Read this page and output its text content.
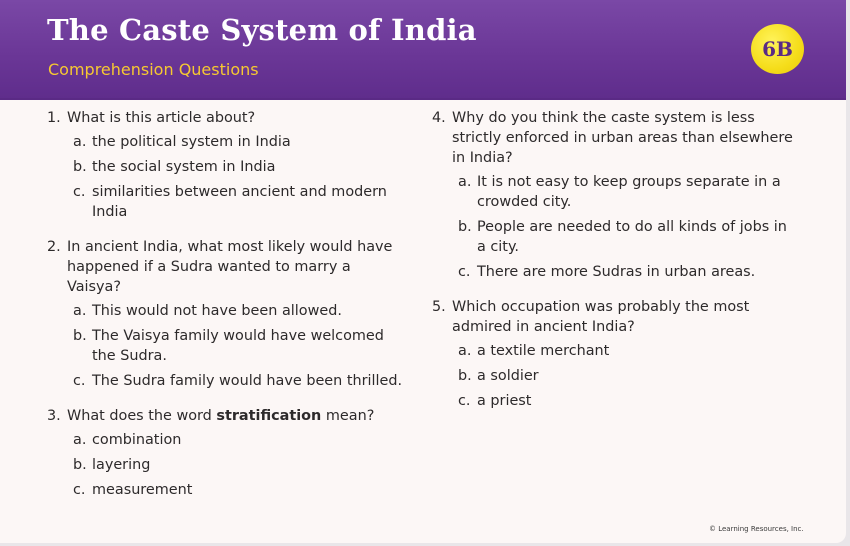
The Caste System of India

Comprehension Questions

6B
1. What is this article about?
a. the political system in India
b. the social system in India
c. similarities between ancient and modern India
2. In ancient India, what most likely would have happened if a Sudra wanted to marry a Vaisya?
a. This would not have been allowed.
b. The Vaisya family would have welcomed the Sudra.
c. The Sudra family would have been thrilled.
3. What does the word stratification mean?
a. combination
b. layering
c. measurement
4. Why do you think the caste system is less strictly enforced in urban areas than elsewhere in India?
a. It is not easy to keep groups separate in a crowded city.
b. People are needed to do all kinds of jobs in a city.
c. There are more Sudras in urban areas.
5. Which occupation was probably the most admired in ancient India?
a. a textile merchant
b. a soldier
c. a priest
© Learning Resources, Inc.
